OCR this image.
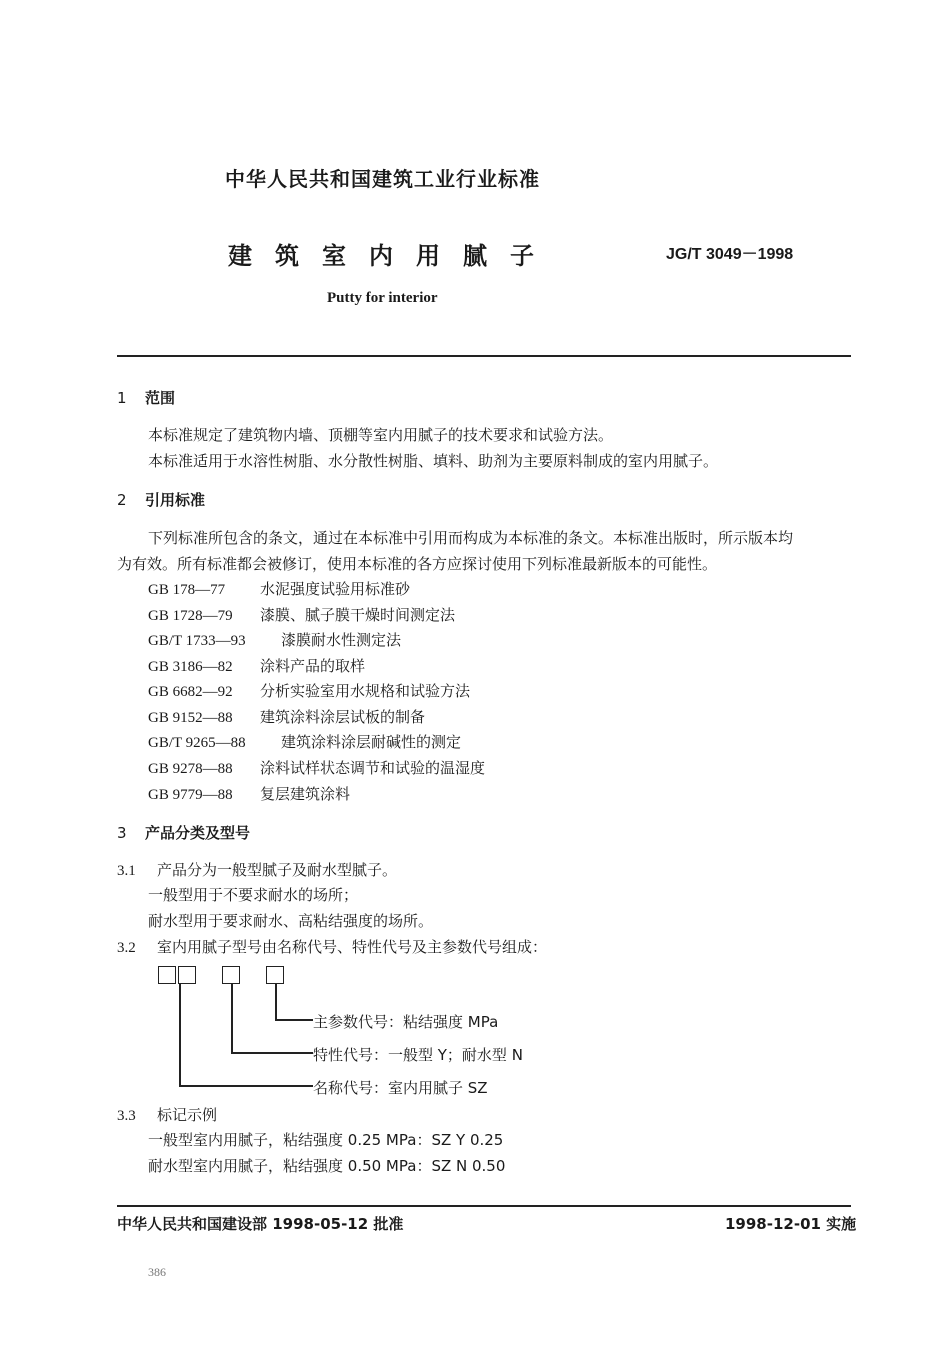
中华人民共和国建筑工业行业标准
建筑室内用腻子	JG/T 3049－1998
Putty for interior
1 范围
本标准规定了建筑物内墙、顶棚等室内用腻子的技术要求和试验方法。
本标准适用于水溶性树脂、水分散性树脂、填料、助剂为主要原料制成的室内用腻子。
2 引用标准
下列标准所包含的条文，通过在本标准中引用而构成为本标准的条文。本标准出版时，所示版本均
为有效。所有标准都会被修订，使用本标准的各方应探讨使用下列标准最新版本的可能性。
GB 178—77 水泥强度试验用标准砂
GB 1728—79 漆膜、腻子膜干燥时间测定法
GB/T 1733—93 漆膜耐水性测定法
GB 3186—82 涂料产品的取样
GB 6682—92 分析实验室用水规格和试验方法
GB 9152—88 建筑涂料涂层试板的制备
GB/T 9265—88 建筑涂料涂层耐碱性的测定
GB 9278—88 涂料试样状态调节和试验的温湿度
GB 9779—88 复层建筑涂料
3 产品分类及型号
3.1 产品分为一般型腻子及耐水型腻子。
一般型用于不要求耐水的场所；
耐水型用于要求耐水、高粘结强度的场所。
3.2 室内用腻子型号由名称代号、特性代号及主参数代号组成：
主参数代号：粘结强度 MPa
特性代号：一般型 Y；耐水型 N
名称代号：室内用腻子 SZ
3.3 标记示例
一般型室内用腻子，粘结强度 0.25 MPa：SZ Y 0.25
耐水型室内用腻子，粘结强度 0.50 MPa：SZ N 0.50
中华人民共和国建设部 1998-05-12 批准	1998-12-01 实施
386
